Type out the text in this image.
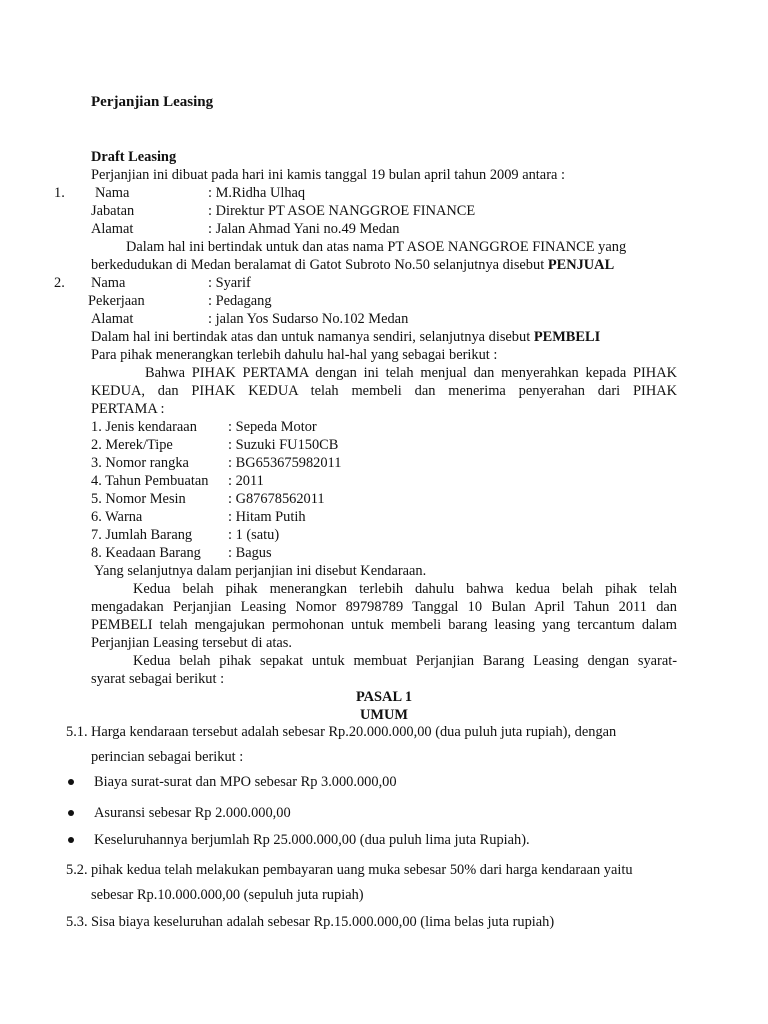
Perjanjian Leasing
Draft Leasing
Perjanjian ini dibuat pada hari ini kamis tanggal 19 bulan april tahun 2009 antara :
1. Nama	: M.Ridha Ulhaq
Jabatan	: Direktur PT ASOE NANGGROE FINANCE
Alamat	: Jalan Ahmad Yani no.49 Medan
Dalam hal ini bertindak untuk dan atas nama PT ASOE NANGGROE FINANCE yang
berkedudukan di Medan beralamat di Gatot Subroto No.50 selanjutnya disebut PENJUAL
2. Nama	: Syarif
Pekerjaan	: Pedagang
Alamat	: jalan Yos Sudarso No.102 Medan
Dalam hal ini bertindak atas dan untuk namanya sendiri, selanjutnya disebut PEMBELI
Para pihak menerangkan terlebih dahulu hal-hal yang sebagai berikut :
Bahwa PIHAK PERTAMA dengan ini telah menjual dan menyerahkan kepada PIHAK
KEDUA, dan PIHAK KEDUA telah membeli dan menerima penyerahan dari PIHAK
PERTAMA :
1. Jenis kendaraan : Sepeda Motor
2. Merek/Tipe	: Suzuki FU150CB
3. Nomor rangka	: BG653675982011
4. Tahun Pembuatan : 2011
5. Nomor Mesin	: G87678562011
6. Warna	: Hitam Putih
7. Jumlah Barang : 1 (satu)
8. Keadaan Barang : Bagus
Yang selanjutnya dalam perjanjian ini disebut Kendaraan.
Kedua belah pihak menerangkan terlebih dahulu bahwa kedua belah pihak telah
mengadakan Perjanjian Leasing Nomor 89798789 Tanggal 10 Bulan April Tahun 2011 dan
PEMBELI telah mengajukan permohonan untuk membeli barang leasing yang tercantum dalam
Perjanjian Leasing tersebut di atas.
Kedua belah pihak sepakat untuk membuat Perjanjian Barang Leasing dengan syarat-
syarat sebagai berikut :
PASAL 1
UMUM
5.1. Harga kendaraan tersebut adalah sebesar Rp.20.000.000,00 (dua puluh juta rupiah), dengan
perincian sebagai berikut :
Biaya surat-surat dan MPO sebesar Rp 3.000.000,00
Asuransi sebesar Rp 2.000.000,00
Keseluruhannya berjumlah Rp 25.000.000,00 (dua puluh lima juta Rupiah).
5.2. pihak kedua telah melakukan pembayaran uang muka sebesar 50% dari harga kendaraan yaitu
sebesar Rp.10.000.000,00 (sepuluh juta rupiah)
5.3. Sisa biaya keseluruhan adalah sebesar Rp.15.000.000,00 (lima belas juta rupiah)
